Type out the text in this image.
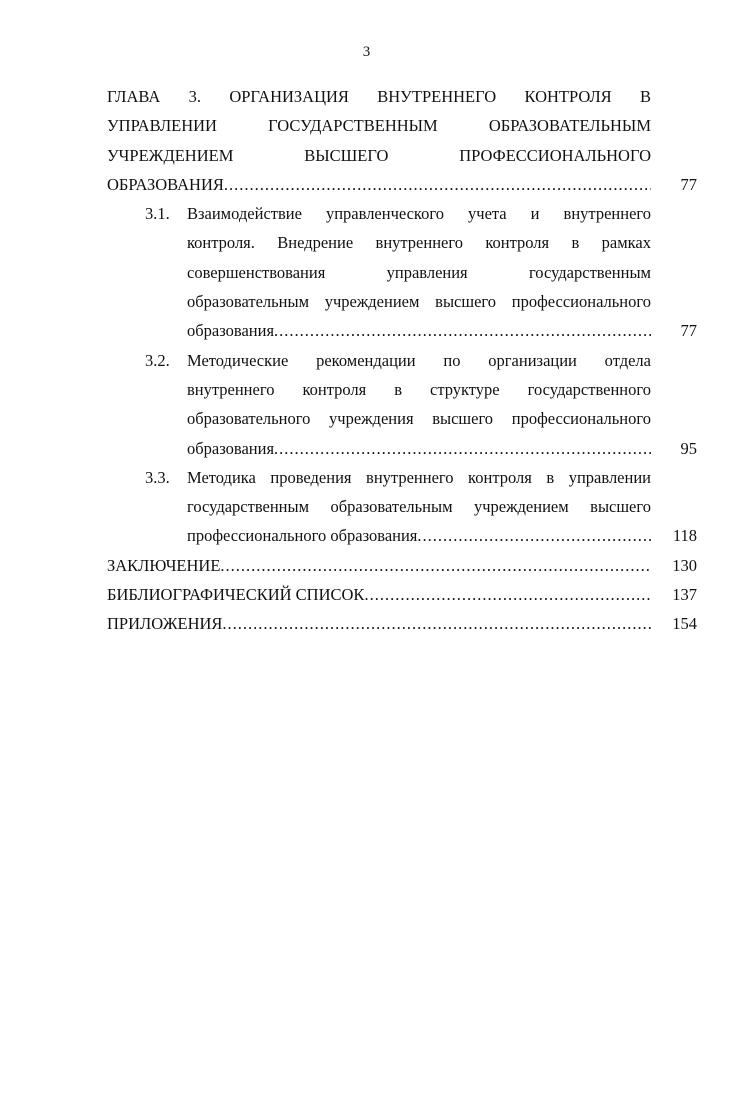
3
ГЛАВА 3. ОРГАНИЗАЦИЯ ВНУТРЕННЕГО КОНТРОЛЯ В
УПРАВЛЕНИИ ГОСУДАРСТВЕННЫМ ОБРАЗОВАТЕЛЬНЫМ
УЧРЕЖДЕНИЕМ ВЫСШЕГО ПРОФЕССИОНАЛЬНОГО
ОБРАЗОВАНИЯ .....	77
3.1. Взаимодействие управленческого учета и внутреннего
контроля. Внедрение внутреннего контроля в рамках
совершенствования управления государственным
образовательным учреждением высшего профессионального
образования .....	77
3.2. Методические рекомендации по организации отдела
внутреннего контроля в структуре государственного
образовательного учреждения высшего профессионального
образования .....	95
3.3. Методика проведения внутреннего контроля в управлении
государственным образовательным учреждением высшего
профессионального образования .....	118
ЗАКЛЮЧЕНИЕ .....	130
БИБЛИОГРАФИЧЕСКИЙ СПИСОК .....	137
ПРИЛОЖЕНИЯ .....	154
